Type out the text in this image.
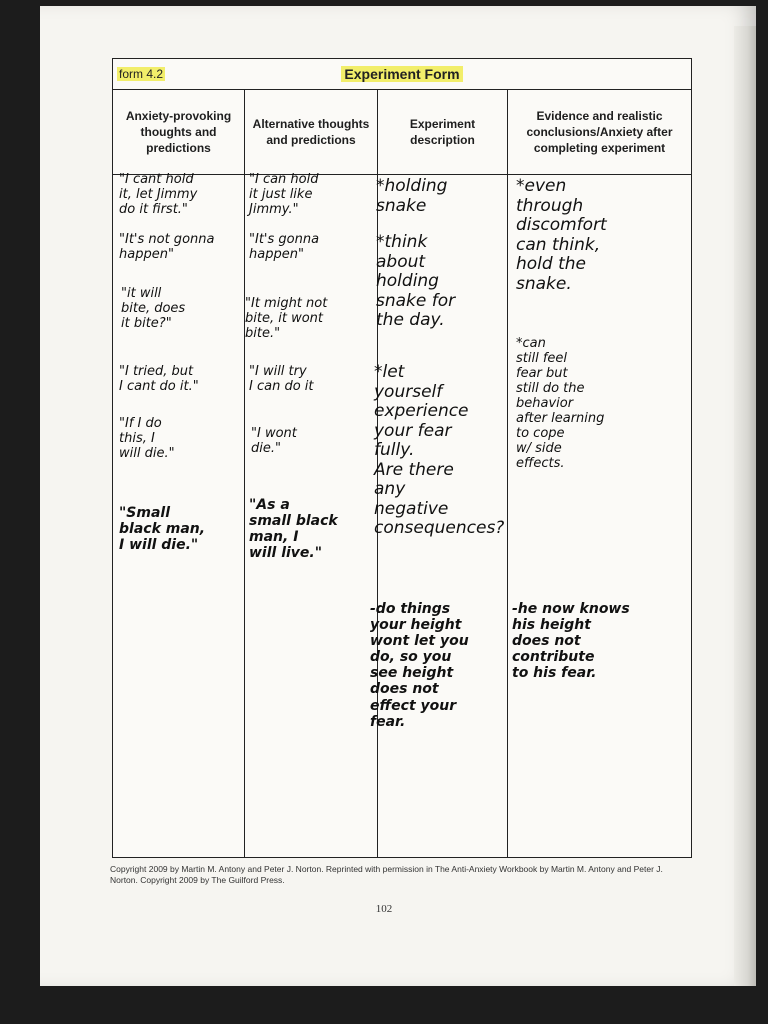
form 4.2	Experiment Form
Anxiety-provoking thoughts and predictions
"I cant hold
it, let Jimmy
do it first."
"It's not gonna
happen"
"it will
bite, does
it bite?"
"I tried, but
I cant do it."
"If I do
this, I
will die."
"Small
black man,
I will die."
Alternative thoughts and predictions
"I can hold
it just like
Jimmy."
"It's gonna
happen"
"It might not
bite, it wont
bite."
"I will try
I can do it
"I wont
die."
"As a
small black
man, I
will live."
Experiment description
*holding
snake
*think
about
holding
snake for
the day.
*let
yourself
experience
your fear
fully.
Are there
any
negative
consequences?
-do things
your height
wont let you
do, so you
see height
does not
effect your
fear.
Evidence and realistic conclusions/Anxiety after completing experiment
*even
through
discomfort
can think,
hold the
snake.
*can
still feel
fear but
still do the
behavior
after learning
to cope
w/ side
effects.
-he now knows
his height
does not
contribute
to his fear.
Copyright 2009 by Martin M. Antony and Peter J. Norton. Reprinted with permission in The Anti-Anxiety Workbook by Martin M. Antony and Peter J. Norton. Copyright 2009 by The Guilford Press.
102
